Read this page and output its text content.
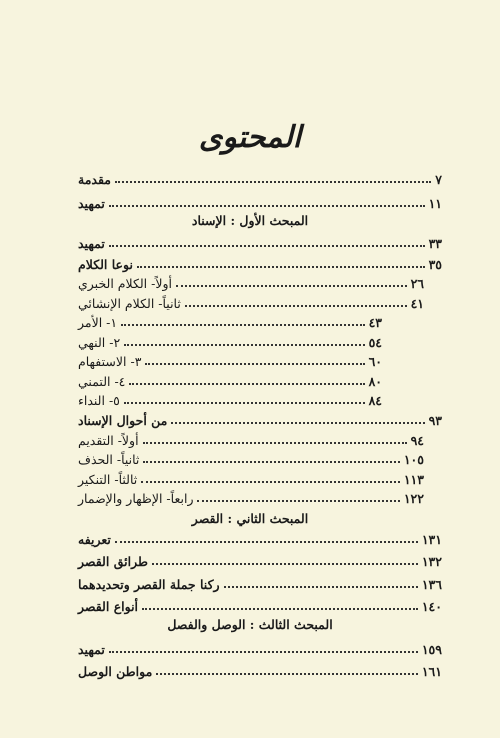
المحتوى
المبحث الأول : الإسناد
المبحث الثاني : القصر
المبحث الثالث : الوصل والفصل
مقدمة	٧
تمهيد	١١
تمهيد	٣٣
نوعا الكلام	٣٥
أولاً- الكلام الخبري	٢٦
ثانياً- الكلام الإنشائي	٤١
١- الأمر	٤٣
٢- النهي	٥٤
٣- الاستفهام	٦٠
٤- التمني	٨٠
٥- النداء	٨٤
من أحوال الإسناد	٩٣
أولاً- التقديم	٩٤
ثانياً- الحذف	١٠٥
ثالثاً- التنكير	١١٣
رابعاً- الإظهار والإضمار	١٢٢
تعريفه	١٣١
طرائق القصر	١٣٢
ركنا جملة القصر وتحديدهما	١٣٦
أنواع القصر	١٤٠
تمهيد	١٥٩
مواطن الوصل	١٦١
